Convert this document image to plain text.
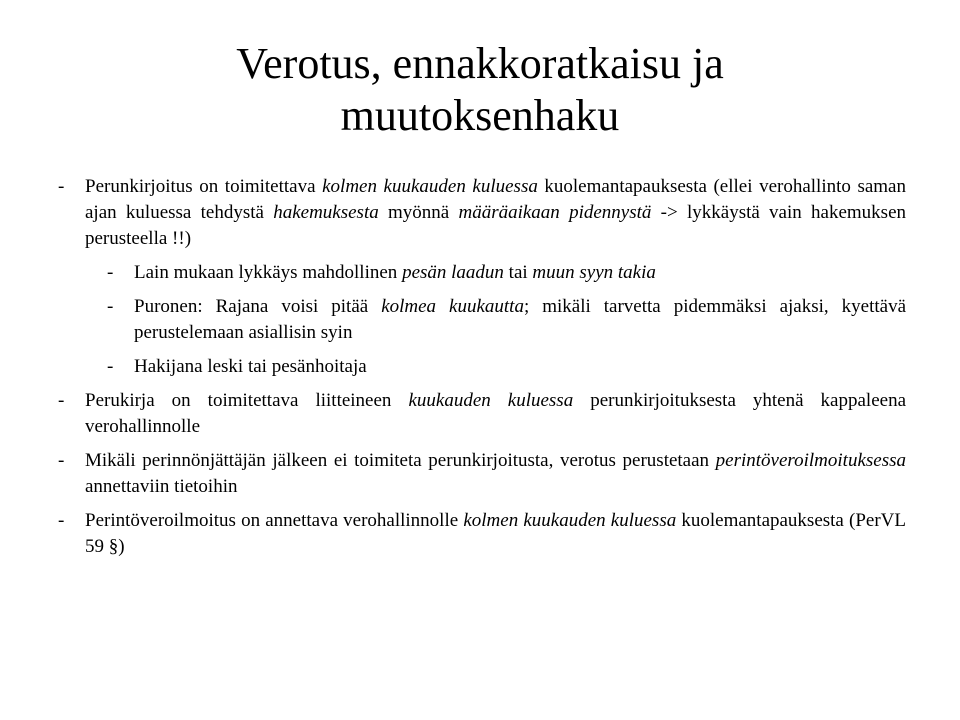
Verotus, ennakkoratkaisu ja
muutoksenhaku
- Perunkirjoitus on toimitettava kolmen kuukauden kuluessa kuolemantapauksesta (ellei verohallinto saman ajan kuluessa tehdystä hakemuksesta myönnä määräaikaan pidennystä -> lykkäystä vain hakemuksen perusteella !!)
- Lain mukaan lykkäys mahdollinen pesän laadun tai muun syyn takia
- Puronen: Rajana voisi pitää kolmea kuukautta; mikäli tarvetta pidemmäksi ajaksi, kyettävä perustelemaan asiallisin syin
- Hakijana leski tai pesänhoitaja
- Perukirja on toimitettava liitteineen kuukauden kuluessa perunkirjoituksesta yhtenä kappaleena verohallinnolle
- Mikäli perinnönjättäjän jälkeen ei toimiteta perunkirjoitusta, verotus perustetaan perintöveroilmoituksessa annettaviin tietoihin
- Perintöveroilmoitus on annettava verohallinnolle kolmen kuukauden kuluessa kuolemantapauksesta (PerVL 59 §)
